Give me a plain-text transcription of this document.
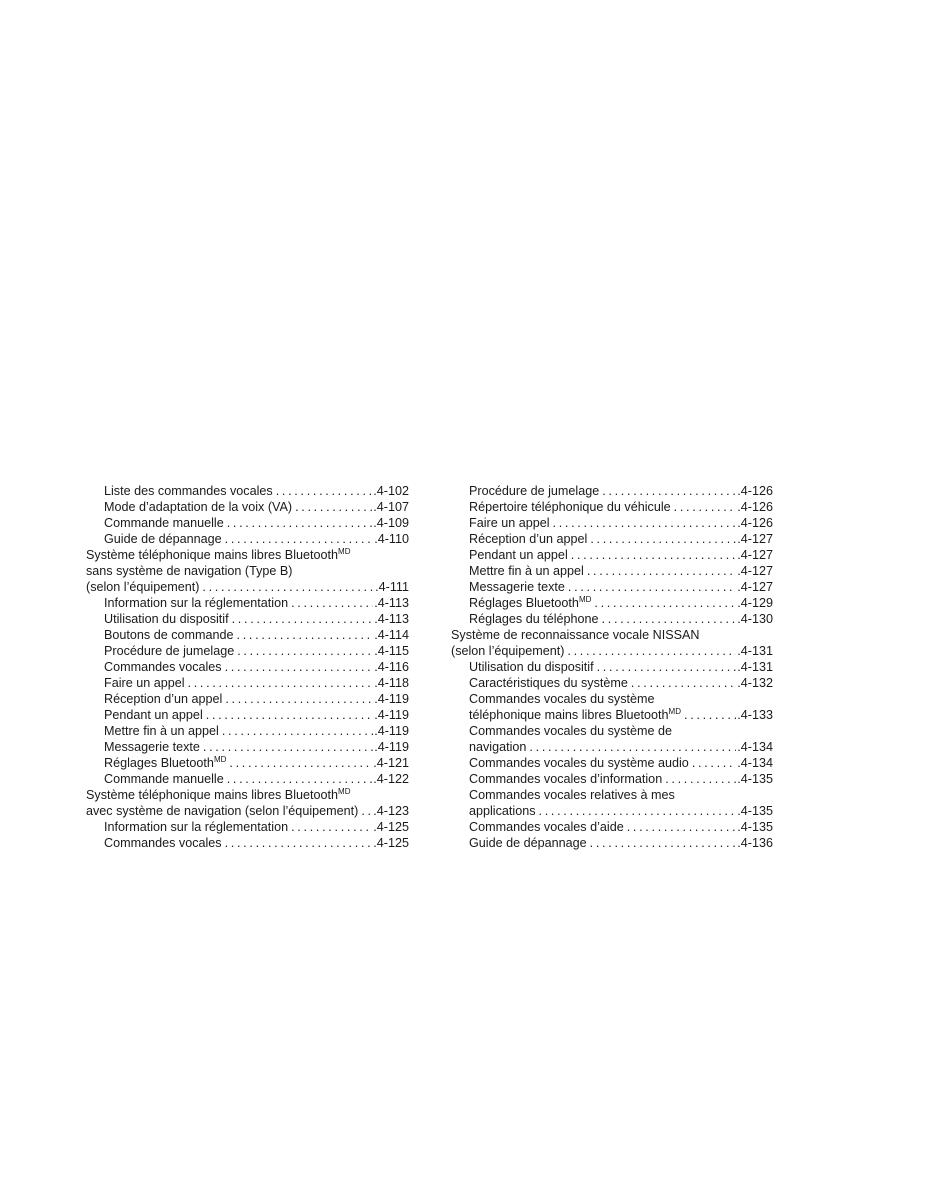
Liste des commandes vocales	.4-102
. . .
Mode d’adaptation de la voix (VA)	.4-107
. . .
Commande manuelle	.4-109
. . .
Guide de dépannage	.4-110
. . .
Système téléphonique mains libres Bluetooth$^{MD}$
sans système de navigation (Type B)
(selon l’équipement)	.4-111
. . .
Information sur la réglementation	.4-113
. . .
Utilisation du dispositif	.4-113
. . .
Boutons de commande	.4-114
. . .
Procédure de jumelage	.4-115
. . .
Commandes vocales	.4-116
. . .
Faire un appel	.4-118
. . .
Réception d’un appel	.4-119
. . .
Pendant un appel	.4-119
. . .
Mettre fin à un appel	.4-119
. . .
Messagerie texte	.4-119
. . .
Réglages Bluetooth$^{MD}$	.4-121
. . .
Commande manuelle	.4-122
. . .
Système téléphonique mains libres Bluetooth$^{MD}$
avec système de navigation (selon l’équipement) .4-123
. . .
Information sur la réglementation	.4-125
. . .
Commandes vocales	.4-125
. . .
Procédure de jumelage	.4-126
. . .
Répertoire téléphonique du véhicule	.4-126
. . .
Faire un appel	.4-126
. . .
Réception d’un appel	.4-127
. . .
Pendant un appel	.4-127
. . .
Mettre fin à un appel	.4-127
. . .
Messagerie texte	.4-127
. . .
Réglages Bluetooth$^{MD}$	.4-129
. . .
Réglages du téléphone	.4-130
. . .
Système de reconnaissance vocale NISSAN
(selon l’équipement)	.4-131
. . .
Utilisation du dispositif	.4-131
. . .
Caractéristiques du système	.4-132
. . .
Commandes vocales du système
téléphonique mains libres Bluetooth$^{MD}$	.4-133
. . .
Commandes vocales du système de
navigation	.4-134
. . .
Commandes vocales du système audio	.4-134
. . .
Commandes vocales d’information	.4-135
. . .
Commandes vocales relatives à mes
applications	.4-135
. . .
Commandes vocales d’aide	.4-135
. . .
Guide de dépannage	.4-136
. . .
